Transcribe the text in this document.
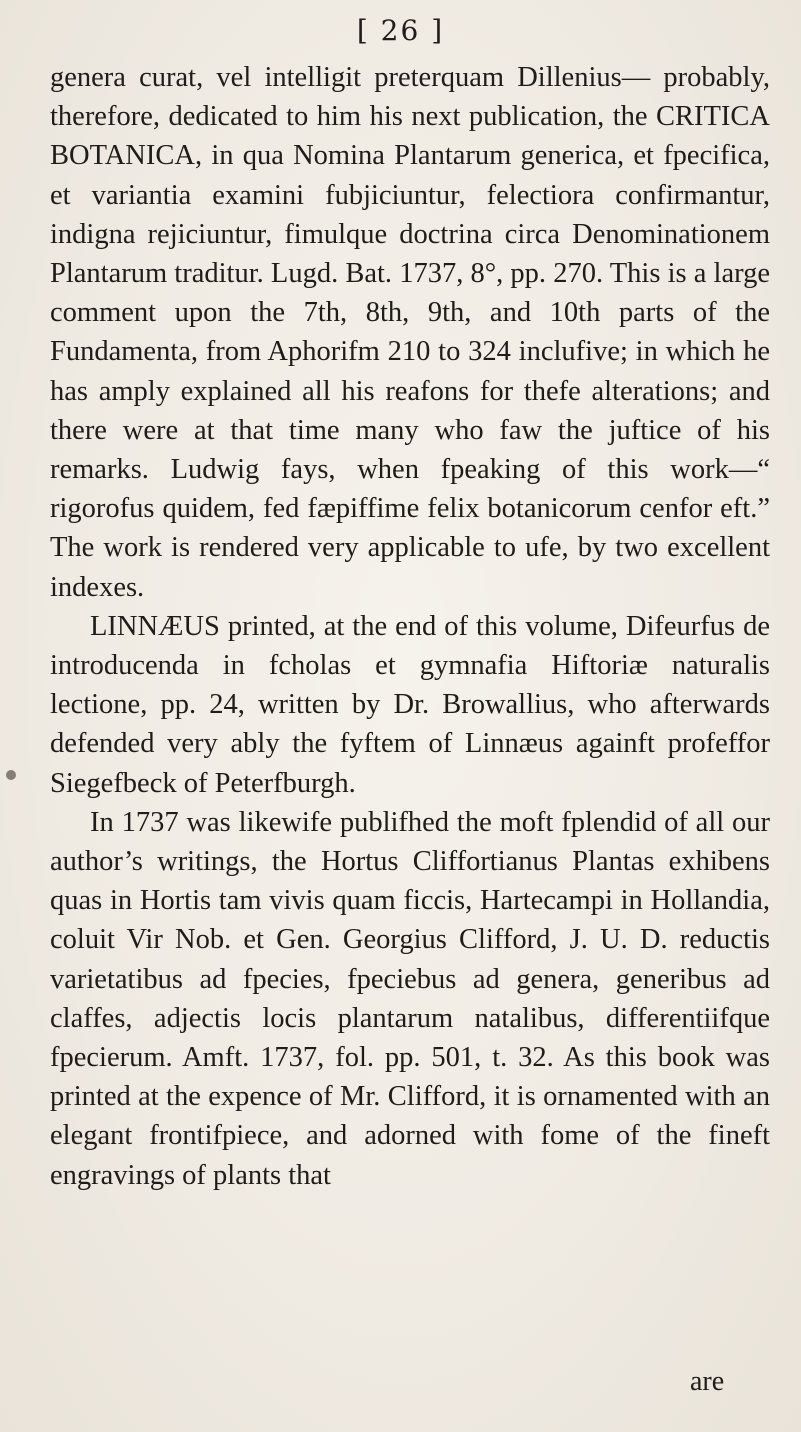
[ 26 ]

genera curat, vel intelligit preterquam Dillenius— probably, therefore, dedicated to him his next publication, the CRITICA BOTANICA, in qua Nomina Plantarum generica, et fpecifica, et variantia examini fubjiciuntur, felectiora confirmantur, indigna rejiciuntur, fimulque doctrina circa Denominationem Plantarum traditur. Lugd. Bat. 1737, 8°, pp. 270. This is a large comment upon the 7th, 8th, 9th, and 10th parts of the Fundamenta, from Aphorifm 210 to 324 inclufive; in which he has amply explained all his reafons for thefe alterations; and there were at that time many who faw the juftice of his remarks. Ludwig fays, when fpeaking of this work—“ rigorofus quidem, fed fæpiffime felix botanicorum cenfor eft.” The work is rendered very applicable to ufe, by two excellent indexes.

LINNÆUS printed, at the end of this volume, Difeurfus de introducenda in fcholas et gymnafia Hiftoriæ naturalis lectione, pp. 24, written by Dr. Browallius, who afterwards defended very ably the fyftem of Linnæus againft profeffor Siegefbeck of Peterfburgh.

In 1737 was likewife publifhed the moft fplendid of all our author’s writings, the Hortus Cliffortianus Plantas exhibens quas in Hortis tam vivis quam ficcis, Hartecampi in Hollandia, coluit Vir Nob. et Gen. Georgius Clifford, J. U. D. reductis varietatibus ad fpecies, fpeciebus ad genera, generibus ad claffes, adjectis locis plantarum natalibus, differentiifque fpecierum. Amft. 1737, fol. pp. 501, t. 32. As this book was printed at the expence of Mr. Clifford, it is ornamented with an elegant frontifpiece, and adorned with fome of the fineft engravings of plants that

are
